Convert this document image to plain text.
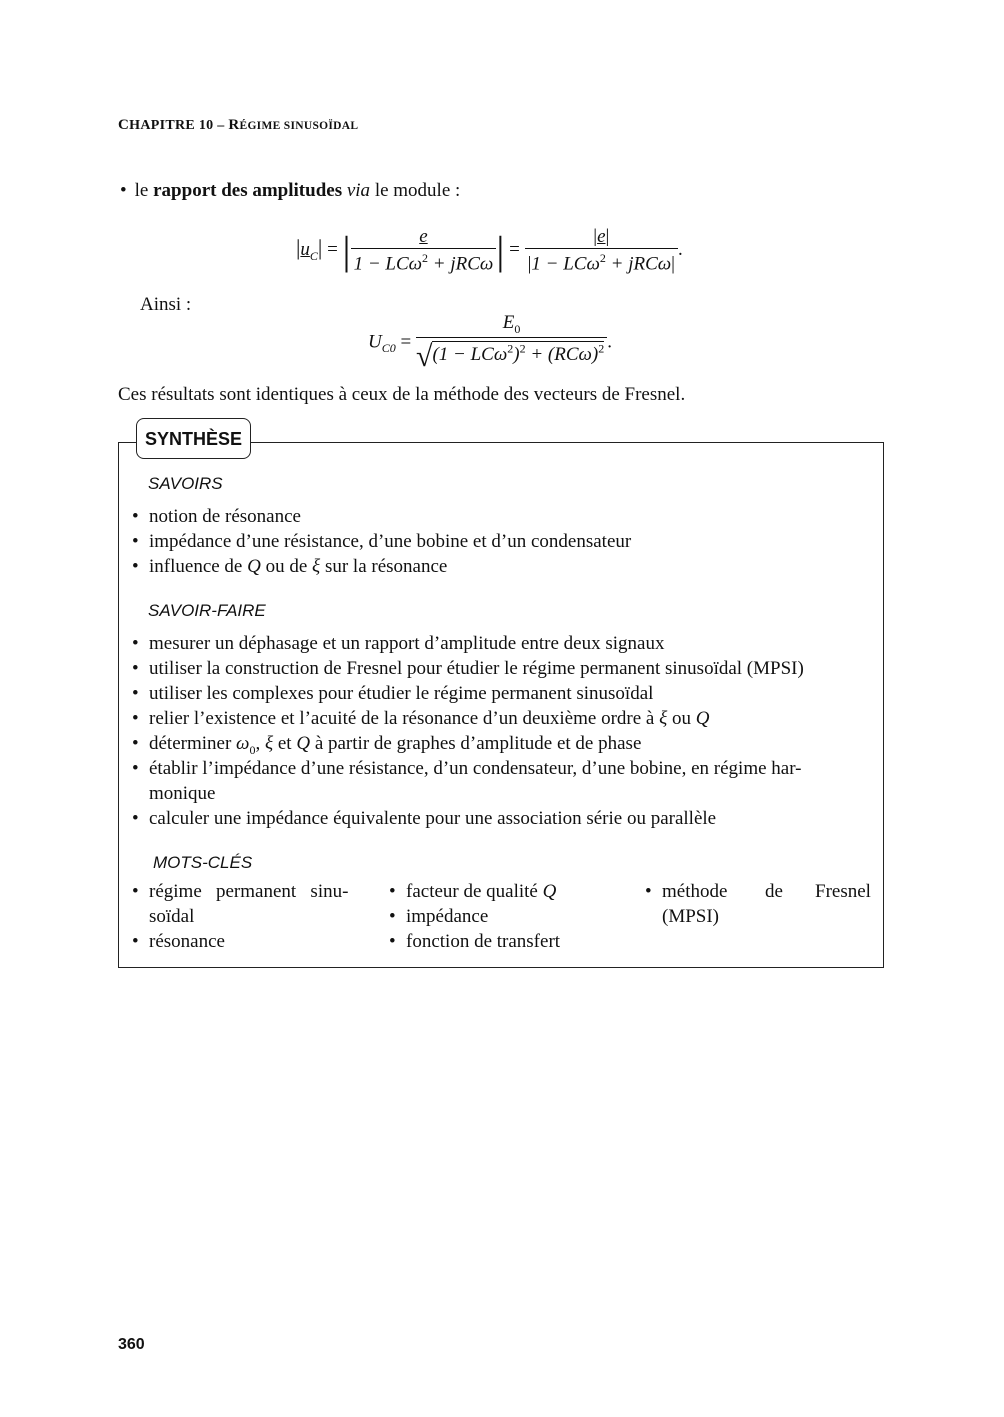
CHAPITRE 10 – RÉGIME SINUSOÏDAL
• le rapport des amplitudes via le module :
$|u_C|$ = | $\frac{e}{1 - LC\omega^2 + jRC\omega}$ | = $\frac{|e|}{|1 - LC\omega^2 + jRC\omega|}$ .
Ainsi :
$U_{C0} = \frac{E_0}{√(1 - LC\omega^2)^2 + (RC\omega)^2}$ .
Ces résultats sont identiques à ceux de la méthode des vecteurs de Fresnel.
SYNTHÈSE
SAVOIRS
• notion de résonance
• impédance d’une résistance, d’une bobine et d’un condensateur
• influence de Q ou de ξ sur la résonance
SAVOIR-FAIRE
• mesurer un déphasage et un rapport d’amplitude entre deux signaux
• utiliser la construction de Fresnel pour étudier le régime permanent sinusoïdal (MPSI)
• utiliser les complexes pour étudier le régime permanent sinusoïdal
• relier l’existence et l’acuité de la résonance d’un deuxième ordre à ξ ou Q
• déterminer $\omega_0$, ξ et Q à partir de graphes d’amplitude et de phase
• établir l’impédance d’une résistance, d’un condensateur, d’une bobine, en régime har-
monique
• calculer une impédance équivalente pour une association série ou parallèle
MOTS-CLÉS
• régime   permanent   sinu-
soïdal
• résonance
• facteur de qualité Q
• impédance
• fonction de transfert
• méthode de Fresnel
(MPSI)
360
